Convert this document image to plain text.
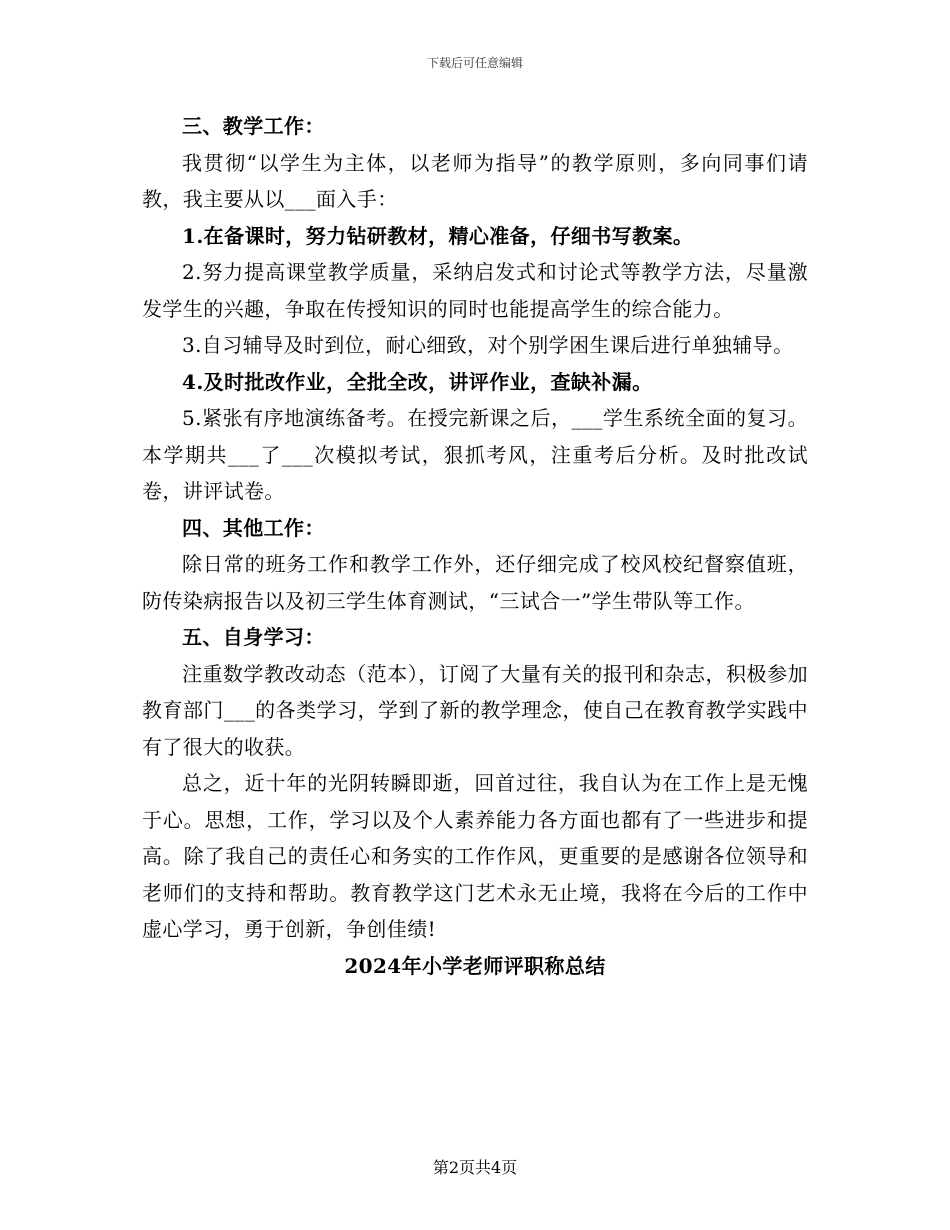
下载后可任意编辑

三、教学工作：

我贯彻“以学生为主体，以老师为指导”的教学原则，多向同事们请教，我主要从以___面入手：

1.在备课时，努力钻研教材，精心准备，仔细书写教案。

2.努力提高课堂教学质量，采纳启发式和讨论式等教学方法，尽量激发学生的兴趣，争取在传授知识的同时也能提高学生的综合能力。

3.自习辅导及时到位，耐心细致，对个别学困生课后进行单独辅导。

4.及时批改作业，全批全改，讲评作业，查缺补漏。

5.紧张有序地演练备考。在授完新课之后，___学生系统全面的复习。本学期共___了___次模拟考试，狠抓考风，注重考后分析。及时批改试卷，讲评试卷。

四、其他工作：

除日常的班务工作和教学工作外，还仔细完成了校风校纪督察值班，防传染病报告以及初三学生体育测试，“三试合一”学生带队等工作。

五、自身学习：

注重数学教改动态（范本），订阅了大量有关的报刊和杂志，积极参加教育部门___的各类学习，学到了新的教学理念，使自己在教育教学实践中有了很大的收获。

总之，近十年的光阴转瞬即逝，回首过往，我自认为在工作上是无愧于心。思想，工作，学习以及个人素养能力各方面也都有了一些进步和提高。除了我自己的责任心和务实的工作作风，更重要的是感谢各位领导和老师们的支持和帮助。教育教学这门艺术永无止境，我将在今后的工作中虚心学习，勇于创新，争创佳绩!

2024年小学老师评职称总结

第2页共4页
